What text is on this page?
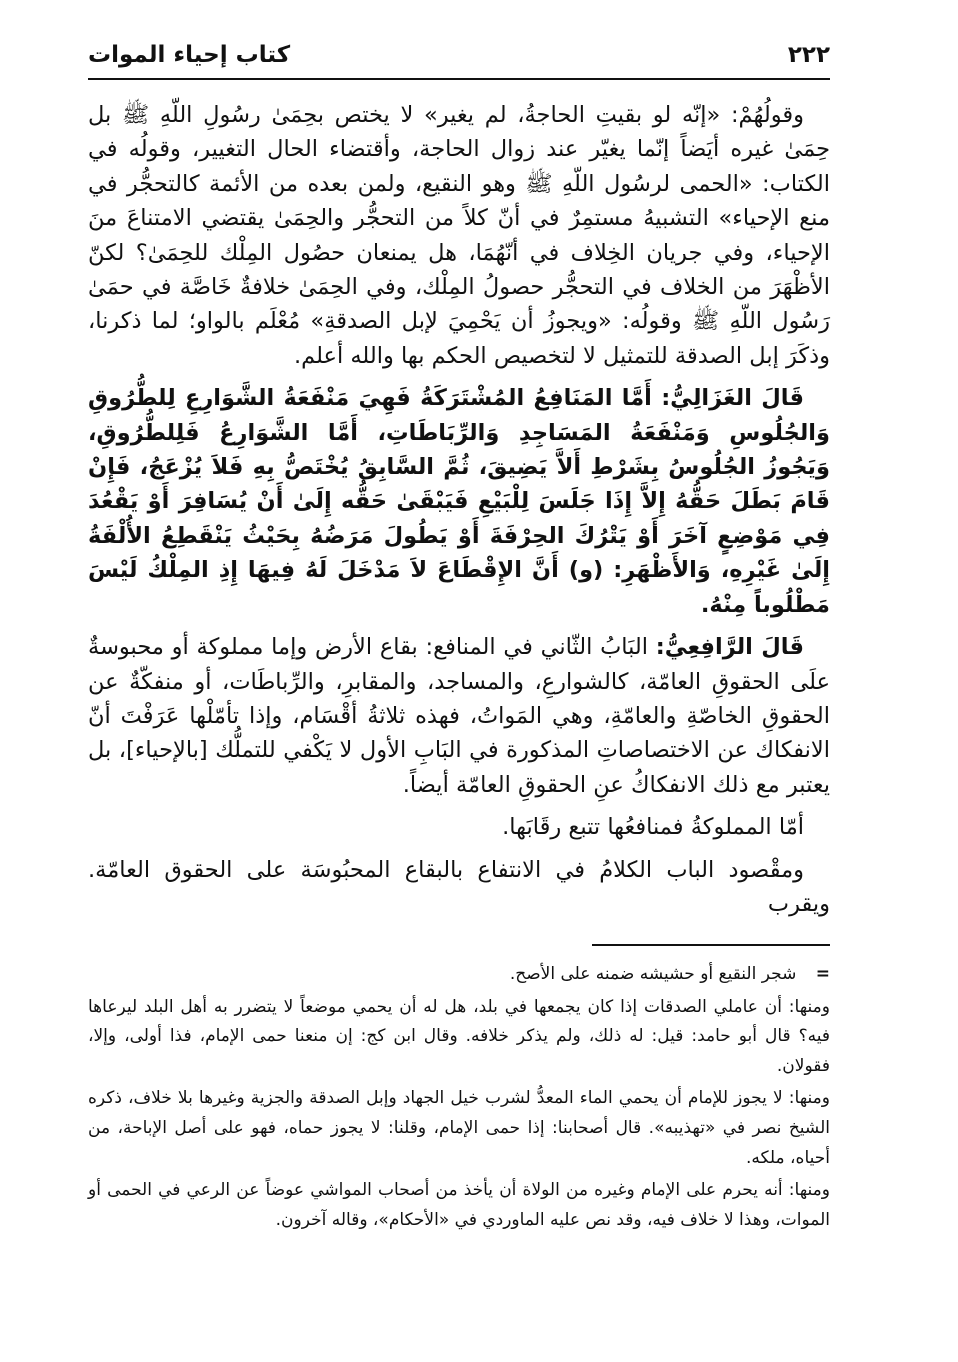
٢٢٢
كتاب إحياء الموات

وقولُهُمْ: «إنّه لو بقيتِ الحاجةُ، لم يغير» لا يختص بحِمَىٰ رسُولِ اللّهِ ﷺ بل حِمَىٰ غيره أيَضاً إنّما يغيّر عند زوال الحاجة، وأقتضاء الحال التغيير، وقولُه في الكتاب: «الحمى لرسُول اللّهِ ﷺ وهو النقيع، ولمن بعده من الأئمة كالتحجُّر في منع الإحياء» التشبيهُ مستمِرٌ في أنّ كلاً من التحجُّر والحِمَىٰ يقتضي الامتناعَ منَ الإحياء، وفي جريان الخِلاف في أنّهُمَا، هل يمنعان حصُول المِلْك للحِمَىٰ؟ لكنّ الأظْهَرَ من الخلاف في التحجُّر حصولُ المِلْك، وفي الحِمَىٰ خلافةٌ خَاصَّة في حمَىٰ رَسُول اللّهِ ﷺ وقولُه: «ويجوزُ أن يَحْمِيَ لإبل الصدقةِ» مُعْلَم بالواو؛ لما ذكرنا، وذكَرَ إبل الصدقة للتمثيل لا لتخصيص الحكم بها والله أعلم.

قَالَ الغَزَالِيُّ: أَمَّا المَنَافِعُ المُشْتَرَكَةُ فَهِيَ مَنْفَعَةُ الشَّوَارِعِ لِلطُّرُوقِ وَالجُلُوسِ وَمَنْفَعَةُ المَسَاجِدِ وَالرِّبَاطَاتِ، أَمَّا الشَّوَارِعُ فَلِلطُّرُوقِ، وَيَجُوزُ الجُلُوسُ بِشَرْطِ أَلاَّ يَضِيقَ، ثُمَّ السَّابِقُ يُخْتَصُّ بِهِ فَلاَ يُزْعَجُ، فَإِنْ قَامَ بَطَلَ حَقُّهُ إِلاَّ إِذَا جَلَسَ لِلْبَيْعِ فَيَبْقَىٰ حَقُّه إِلَىٰ أَنْ يُسَافِرَ أَوْ يَقْعُدَ فِي مَوْضِعٍ آخَرَ أَوْ يَتْرُكَ الحِرْفَةَ أَوْ يَطُولَ مَرَضُهُ بِحَيْثُ يَنْقَطِعُ الأُلْفَةُ إِلَىٰ غَيْرِهِ، وَالأَظْهَرِ: (و) أَنَّ الإِقْطَاعَ لاَ مَدْخَلَ لَهُ فِيهَا إِذِ المِلْكُ لَيْسَ مَطْلُوباً مِنْهُ.

قَالَ الرَّافِعِيُّ: البَابُ الثّاني في المنافع: بقاع الأرض وإما مملوكة أو محبوسةٌ علَى الحقوقِ العامّة، كالشوارعِ، والمساجد، والمقابرِ، والرِّباطَات، أو منفكّةٌ عن الحقوقِ الخاصّةِ والعامّةِ، وهي المَواتُ، فهذه ثلاثةُ أقْسَام، وإذا تأمّلْها عَرَفْتَ أنّ الانفكاك عن الاختصاصاتِ المذكورة في البَابِ الأول لا يَكْفي للتملُّك [بالإحياء]، بل يعتبر مع ذلك الانفكاكُ عنِ الحقوقِ العامّة أيضاً.

أمّا المملوكةُ فمنافعُها تتبع رقَابَها.

ومقْصود الباب الكلامُ في الانتفاع بالبقاع المحبُوسَة على الحقوق العامّة. ويقرب

= شجر النقيع أو حشيشه ضمنه على الأصح.

ومنها: أن عاملي الصدقات إذا كان يجمعها في بلد، هل له أن يحمي موضعاً لا يتضرر به أهل البلد ليرعاها فيه؟ قال أبو حامد: قيل: له ذلك، ولم يذكر خلافه. وقال ابن كج: إن منعنا حمى الإمام، فذا أولى، وإلا، فقولان.

ومنها: لا يجوز للإمام أن يحمي الماء المعدُّ لشرب خيل الجهاد وإبل الصدقة والجزية وغيرها بلا خلاف، ذكره الشيخ نصر في «تهذيبه». قال أصحابنا: إذا حمى الإمام، وقلنا: لا يجوز حماه، فهو على أصل الإباحة، من أحياه، ملكه.

ومنها: أنه يحرم على الإمام وغيره من الولاة أن يأخذ من أصحاب المواشي عوضاً عن الرعي في الحمى أو الموات، وهذا لا خلاف فيه، وقد نص عليه الماوردي في «الأحكام»، وقاله آخرون.
